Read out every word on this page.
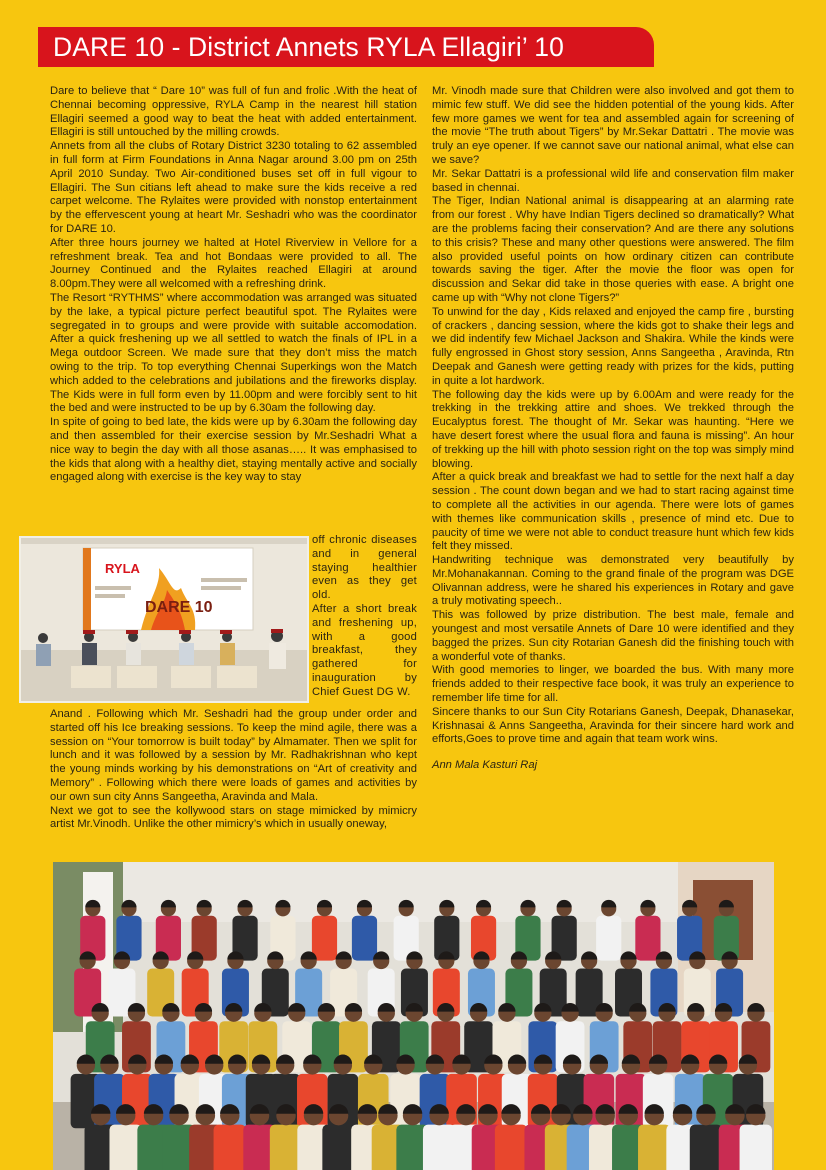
DARE 10 - District Annets RYLA Ellagiri’ 10

Dare to believe that “ Dare 10” was full of fun and frolic .With the heat of Chennai becoming oppressive, RYLA Camp in the nearest hill station Ellagiri seemed a good way to beat the heat with added entertainment. Ellagiri is still untouched by the milling crowds.

Annets from all the clubs of Rotary District 3230 totaling to 62 assembled in full form at Firm Foundations in Anna Nagar around 3.00 pm on 25th April 2010 Sunday. Two Air-conditioned buses set off in full vigour to Ellagiri. The Sun citians left ahead to make sure the kids receive a red carpet welcome. The Rylaites were provided with nonstop entertainment by the effervescent young at heart Mr. Seshadri who was the coordinator for DARE 10.

After three hours journey we halted at Hotel Riverview in Vellore for a refreshment break. Tea and hot Bondaas were provided to all. The Journey Continued and the Rylaites reached Ellagiri at around 8.00pm.They were all welcomed with a refreshing drink.

The Resort “RYTHMS” where accommodation was arranged was situated by the lake, a typical picture perfect beautiful spot. The Rylaites were segregated in to groups and were provide with suitable accomodation. After a quick freshening up we all settled to watch the finals of IPL in a Mega outdoor Screen. We made sure that they don’t miss the match owing to the trip. To top everything Chennai Superkings won the Match which added to the celebrations and jubilations and the fireworks display. The Kids were in full form even by 11.00pm and were forcibly sent to hit the bed and were instructed to be up by 6.30am the following day.

In spite of going to bed late, the kids were up by 6.30am the following day and then assembled for their exercise session by Mr.Seshadri What a nice way to begin the day with all those asanas….. It was emphasised to the kids that along with a healthy diet, staying mentally active and socially engaged along with exercise is the key way to stay

RYLA
DARE 10

off chronic diseases and in general staying healthier even as they get old.

After a short break and freshening up, with a good breakfast, they gathered for inauguration by Chief Guest DG W.

Anand . Following which Mr. Seshadri had the group under order and started off his Ice breaking sessions. To keep the mind agile, there was a session on “Your tomorrow is built today” by Almamater. Then we split for lunch and it was followed by a session by Mr. Radhakrishnan who kept the young minds working by his demonstrations on “Art of creativity and Memory” . Following which there were loads of games and activities by our own sun city Anns Sangeetha, Aravinda and Mala.

Next we got to see the kollywood stars on stage mimicked by mimicry artist Mr.Vinodh. Unlike the other mimicry’s which in usually oneway,

Mr. Vinodh made sure that Children were also involved and got them to mimic few stuff. We did see the hidden potential of the young kids. After few more games we went for tea and assembled again for screening of the movie “The truth about Tigers” by Mr.Sekar Dattatri . The movie was truly an eye opener. If we cannot save our national animal, what else can we save?

Mr. Sekar Dattatri is a professional wild life and conservation film maker based in chennai.

The Tiger, Indian National animal is disappearing at an alarming rate from our forest . Why have Indian Tigers declined so dramatically? What are the problems facing their conservation? And are there any solutions to this crisis? These and many other questions were answered. The film also provided useful points on how ordinary citizen can contribute towards saving the tiger. After the movie the floor was open for discussion and Sekar did take in those queries with ease. A bright one came up with “Why not clone Tigers?”

To unwind for the day , Kids relaxed and enjoyed the camp fire , bursting of crackers , dancing session, where the kids got to shake their legs and we did indentify few Michael Jackson and Shakira. While the kinds were fully engrossed in Ghost story session, Anns Sangeetha , Aravinda, Rtn Deepak and Ganesh were getting ready with prizes for the kids, putting in quite a lot hardwork.

The following day the kids were up by 6.00Am and were ready for the trekking in the trekking attire and shoes. We trekked through the Eucalyptus forest. The thought of Mr. Sekar was haunting. “Here we have desert forest where the usual flora and fauna is missing”. An hour of trekking up the hill with photo session right on the top was simply mind blowing.

After a quick break and breakfast we had to settle for the next half a day session . The count down began and we had to start racing against time to complete all the activities in our agenda. There were lots of games with themes like communication skills , presence of mind etc. Due to paucity of time we were not able to conduct treasure hunt which few kids felt they missed.

Handwriting technique was demonstrated very beautifully by Mr.Mohanakannan. Coming to the grand finale of the program was DGE Olivannan address, were he shared his experiences in Rotary and gave a truly motivating speech..

This was followed by prize distribution. The best male, female and youngest and most versatile Annets of Dare 10 were identified and they bagged the prizes. Sun city Rotarian Ganesh did the finishing touch with a wonderful vote of thanks.

With good memories to linger, we boarded the bus. With many more friends added to their respective face book, it was truly an experience to remember life time for all.

Sincere thanks to our Sun City Rotarians Ganesh, Deepak, Dhanasekar, Krishnasai & Anns Sangeetha, Aravinda for their sincere hard work and efforts,Goes to prove time and again that team work wins.

Ann Mala Kasturi Raj
